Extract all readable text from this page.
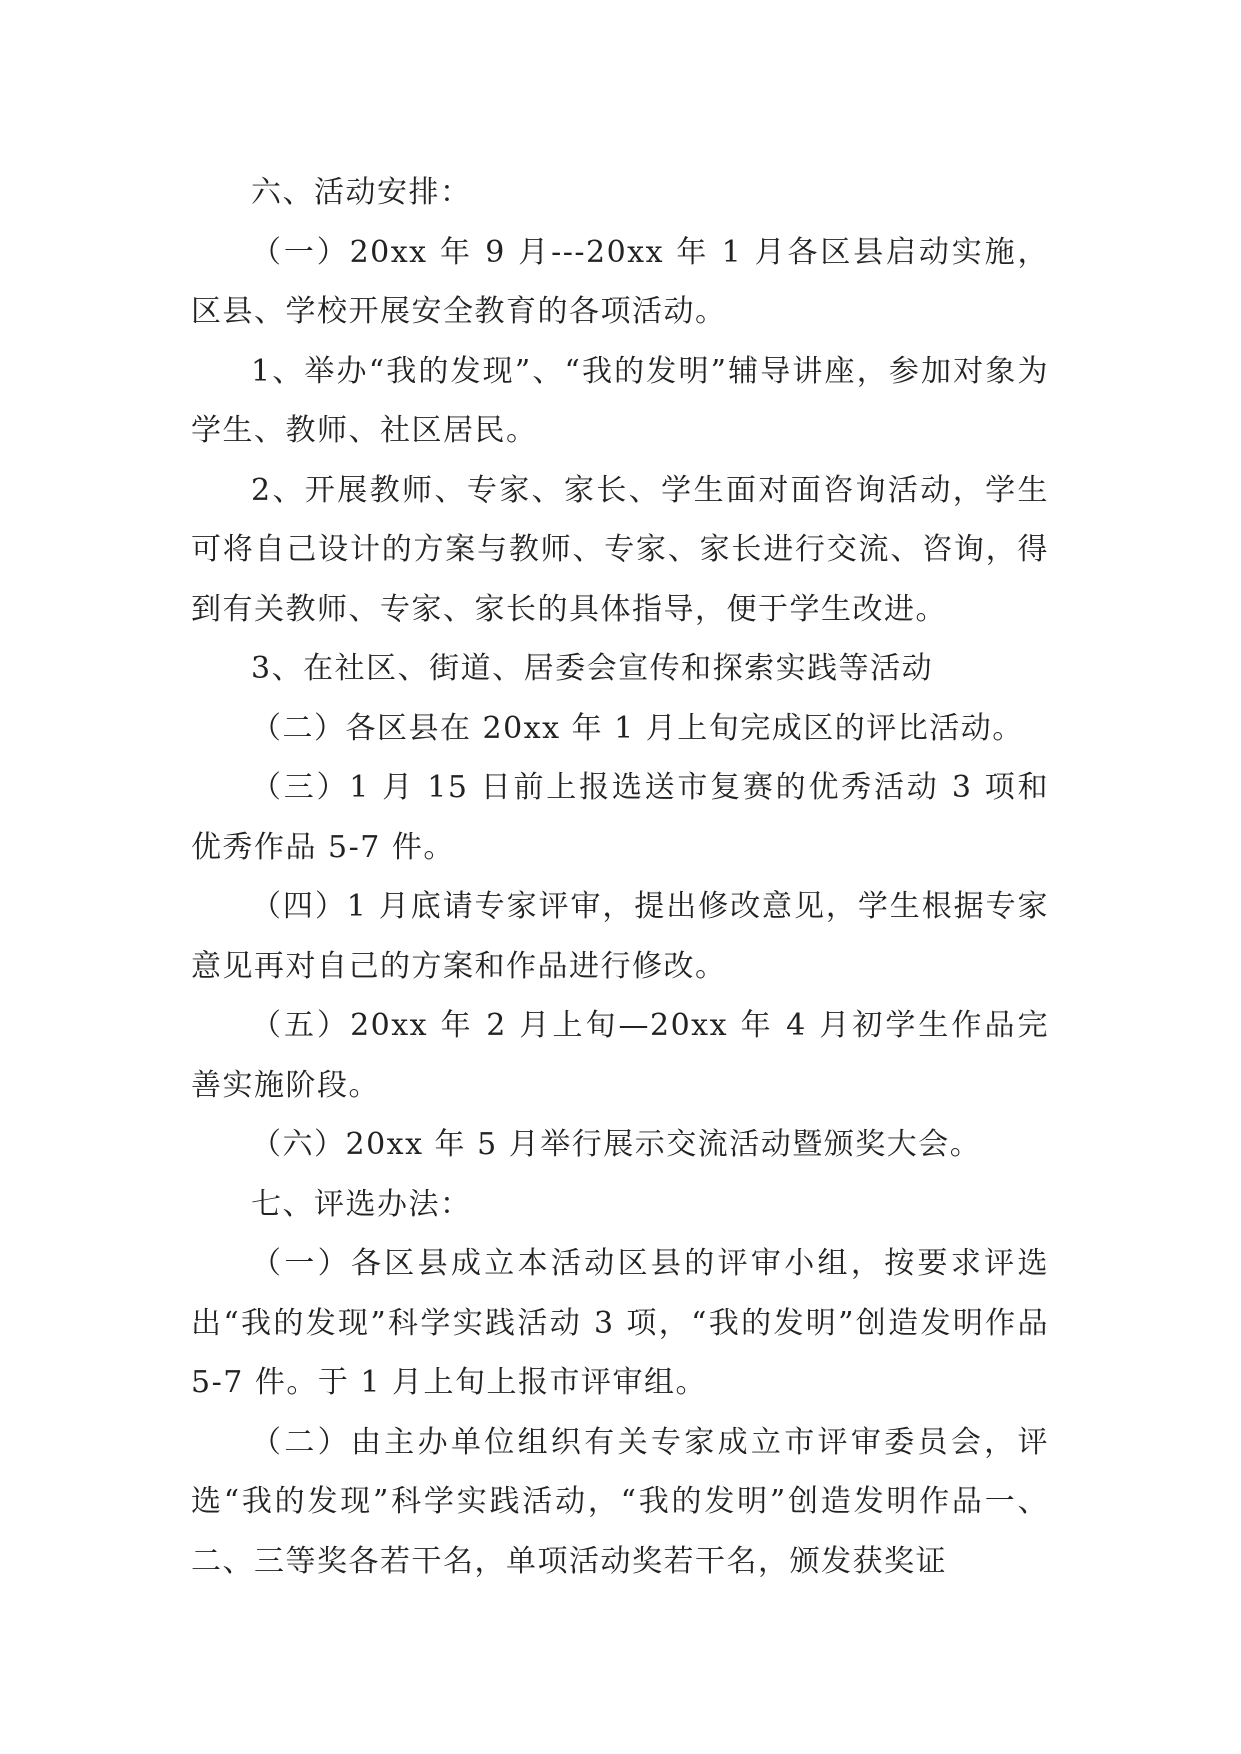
六、活动安排：

（一）20xx 年 9 月---20xx 年 1 月各区县启动实施，区县、学校开展安全教育的各项活动。

1、举办“我的发现”、“我的发明”辅导讲座，参加对象为学生、教师、社区居民。

2、开展教师、专家、家长、学生面对面咨询活动，学生可将自己设计的方案与教师、专家、家长进行交流、咨询，得到有关教师、专家、家长的具体指导，便于学生改进。

3、在社区、街道、居委会宣传和探索实践等活动

（二）各区县在 20xx 年 1 月上旬完成区的评比活动。

（三）1 月 15 日前上报选送市复赛的优秀活动 3 项和优秀作品 5-7 件。

（四）1 月底请专家评审，提出修改意见，学生根据专家意见再对自己的方案和作品进行修改。

（五）20xx 年 2 月上旬—20xx 年 4 月初学生作品完善实施阶段。

（六）20xx 年 5 月举行展示交流活动暨颁奖大会。

七、评选办法：

（一）各区县成立本活动区县的评审小组，按要求评选出“我的发现”科学实践活动 3 项，“我的发明”创造发明作品 5-7 件。于 1 月上旬上报市评审组。

（二）由主办单位组织有关专家成立市评审委员会，评选“我的发现”科学实践活动，“我的发明”创造发明作品一、二、三等奖各若干名，单项活动奖若干名，颁发获奖证
